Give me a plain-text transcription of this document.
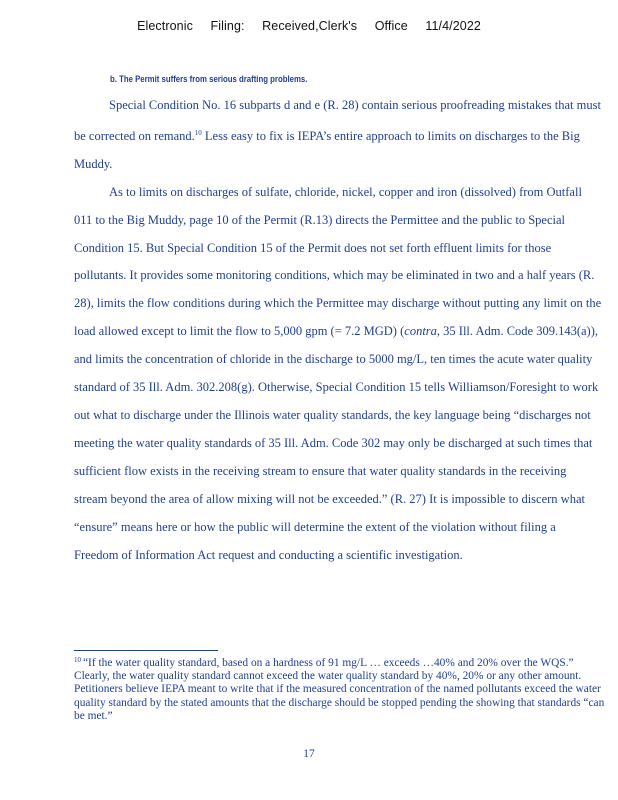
Electronic Filing: Received,Clerk's Office 11/4/2022
b. The Permit suffers from serious drafting problems.

Special Condition No. 16 subparts d and e (R. 28) contain serious proofreading mistakes that must be corrected on remand.$^{10}$ Less easy to fix is IEPA’s entire approach to limits on discharges to the Big Muddy.

As to limits on discharges of sulfate, chloride, nickel, copper and iron (dissolved) from Outfall 011 to the Big Muddy, page 10 of the Permit (R.13) directs the Permittee and the public to Special Condition 15. But Special Condition 15 of the Permit does not set forth effluent limits for those pollutants. It provides some monitoring conditions, which may be eliminated in two and a half years (R. 28), limits the flow conditions during which the Permittee may discharge without putting any limit on the load allowed except to limit the flow to 5,000 gpm (= 7.2 MGD) (contra, 35 Ill. Adm. Code 309.143(a)), and limits the concentration of chloride in the discharge to 5000 mg/L, ten times the acute water quality standard of 35 Ill. Adm. 302.208(g). Otherwise, Special Condition 15 tells Williamson/Foresight to work out what to discharge under the Illinois water quality standards, the key language being “discharges not meeting the water quality standards of 35 Ill. Adm. Code 302 may only be discharged at such times that sufficient flow exists in the receiving stream to ensure that water quality standards in the receiving stream beyond the area of allow mixing will not be exceeded.” (R. 27) It is impossible to discern what “ensure” means here or how the public will determine the extent of the violation without filing a Freedom of Information Act request and conducting a scientific investigation.

$^{10}$ “If the water quality standard, based on a hardness of 91 mg/L … exceeds …40% and 20% over the WQS.” Clearly, the water quality standard cannot exceed the water quality standard by 40%, 20% or any other amount. Petitioners believe IEPA meant to write that if the measured concentration of the named pollutants exceed the water quality standard by the stated amounts that the discharge should be stopped pending the showing that standards “can be met.”
17
